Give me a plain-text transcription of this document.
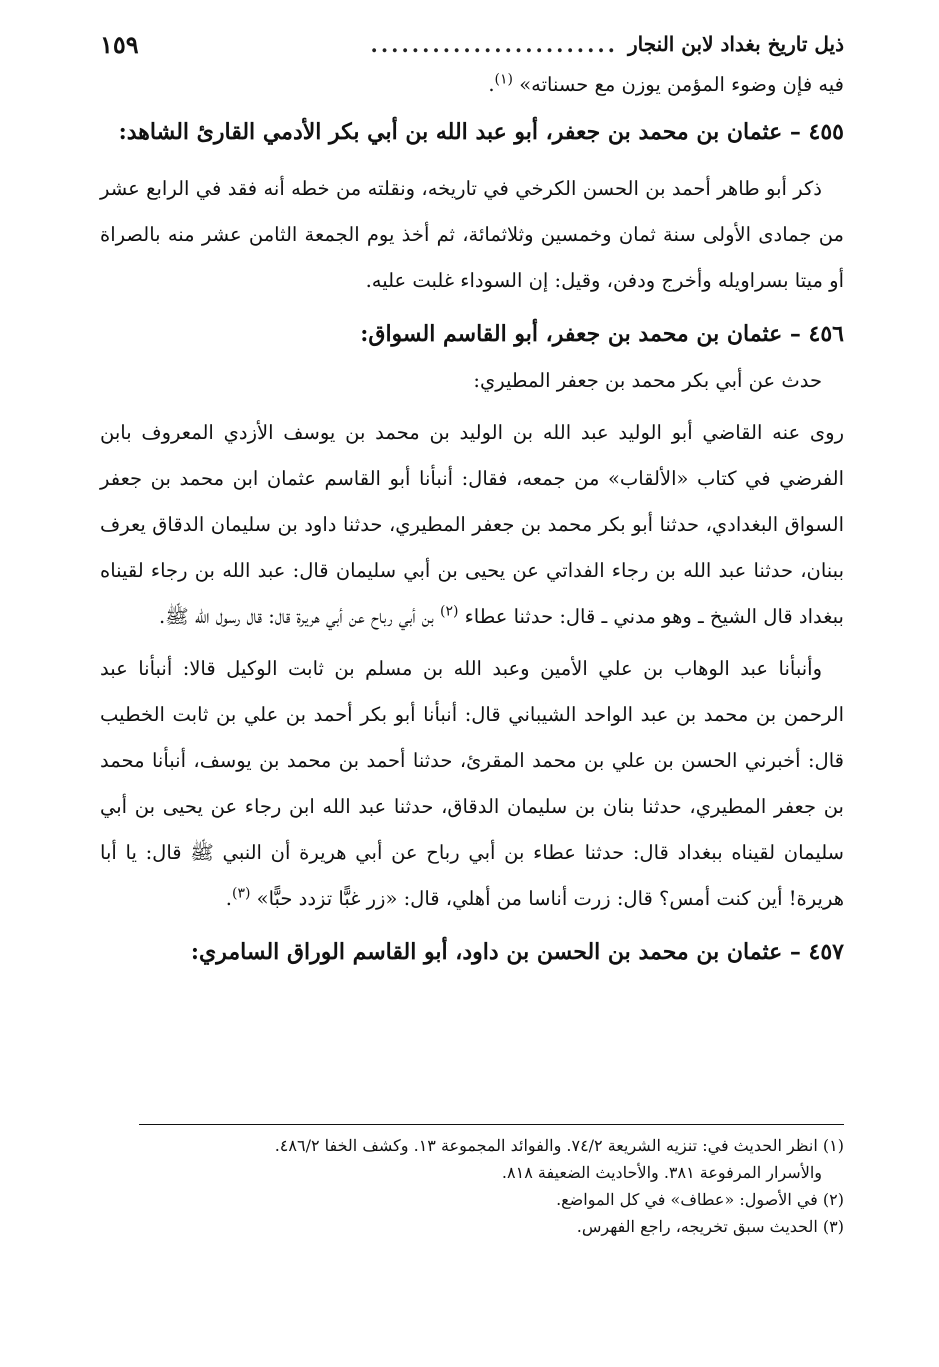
ذيل تاريخ بغداد لابن النجار
........................
١٥٩

فيه فإن وضوء المؤمن يوزن مع حسناته» $^{(١)}$.

٤٥٥ – عثمان بن محمد بن جعفر، أبو عبد الله بن أبي بكر الأدمي القارئ الشاهد:

ذكر أبو طاهر أحمد بن الحسن الكرخي في تاريخه، ونقلته من خطه أنه فقد في الرابع عشر من جمادى الأولى سنة ثمان وخمسين وثلاثمائة، ثم أخذ يوم الجمعة الثامن عشر منه بالصراة أو ميتا بسراويله وأخرج ودفن، وقيل: إن السوداء غلبت عليه.

٤٥٦ – عثمان بن محمد بن جعفر، أبو القاسم السواق:

حدث عن أبي بكر محمد بن جعفر المطيري:

روى عنه القاضي أبو الوليد عبد الله بن الوليد بن محمد بن يوسف الأزدي المعروف بابن الفرضي في كتاب «الألقاب» من جمعه، فقال: أنبأنا أبو القاسم عثمان ابن محمد بن جعفر السواق البغدادي، حدثنا أبو بكر محمد بن جعفر المطيري، حدثنا داود بن سليمان الدقاق يعرف ببنان، حدثنا عبد الله بن رجاء الفداتي عن يحيى بن أبي سليمان قال: عبد الله بن رجاء لقيناه ببغداد قال الشيخ ـ وهو مدني ـ قال: حدثنا عطاء $^{(٢)}$ بن أبي رباح عن أبي هريرة قال: قال رسول الله ﷺ.

وأنبأنا عبد الوهاب بن علي الأمين وعبد الله بن مسلم بن ثابت الوكيل قالا: أنبأنا عبد الرحمن بن محمد بن عبد الواحد الشيباني قال: أنبأنا أبو بكر أحمد بن علي بن ثابت الخطيب قال: أخبرني الحسن بن علي بن محمد المقرئ، حدثنا أحمد بن محمد بن يوسف، أنبأنا محمد بن جعفر المطيري، حدثنا بنان بن سليمان الدقاق، حدثنا عبد الله ابن رجاء عن يحيى بن أبي سليمان لقيناه ببغداد قال: حدثنا عطاء بن أبي رباح عن أبي هريرة أن النبي ﷺ قال: يا أبا هريرة! أين كنت أمس؟ قال: زرت أناسا من أهلي، قال: «زر غبًّا تزدد حبًّا» $^{(٣)}$.

٤٥٧ – عثمان بن محمد بن الحسن بن داود، أبو القاسم الوراق السامري:

(١) انظر الحديث في: تنزيه الشريعة ٧٤/٢. والفوائد المجموعة ١٣. وكشف الخفا ٤٨٦/٢.

والأسرار المرفوعة ٣٨١. والأحاديث الضعيفة ٨١٨.

(٢) في الأصول: «عطاف» في كل المواضع.

(٣) الحديث سبق تخريجه، راجع الفهرس.
